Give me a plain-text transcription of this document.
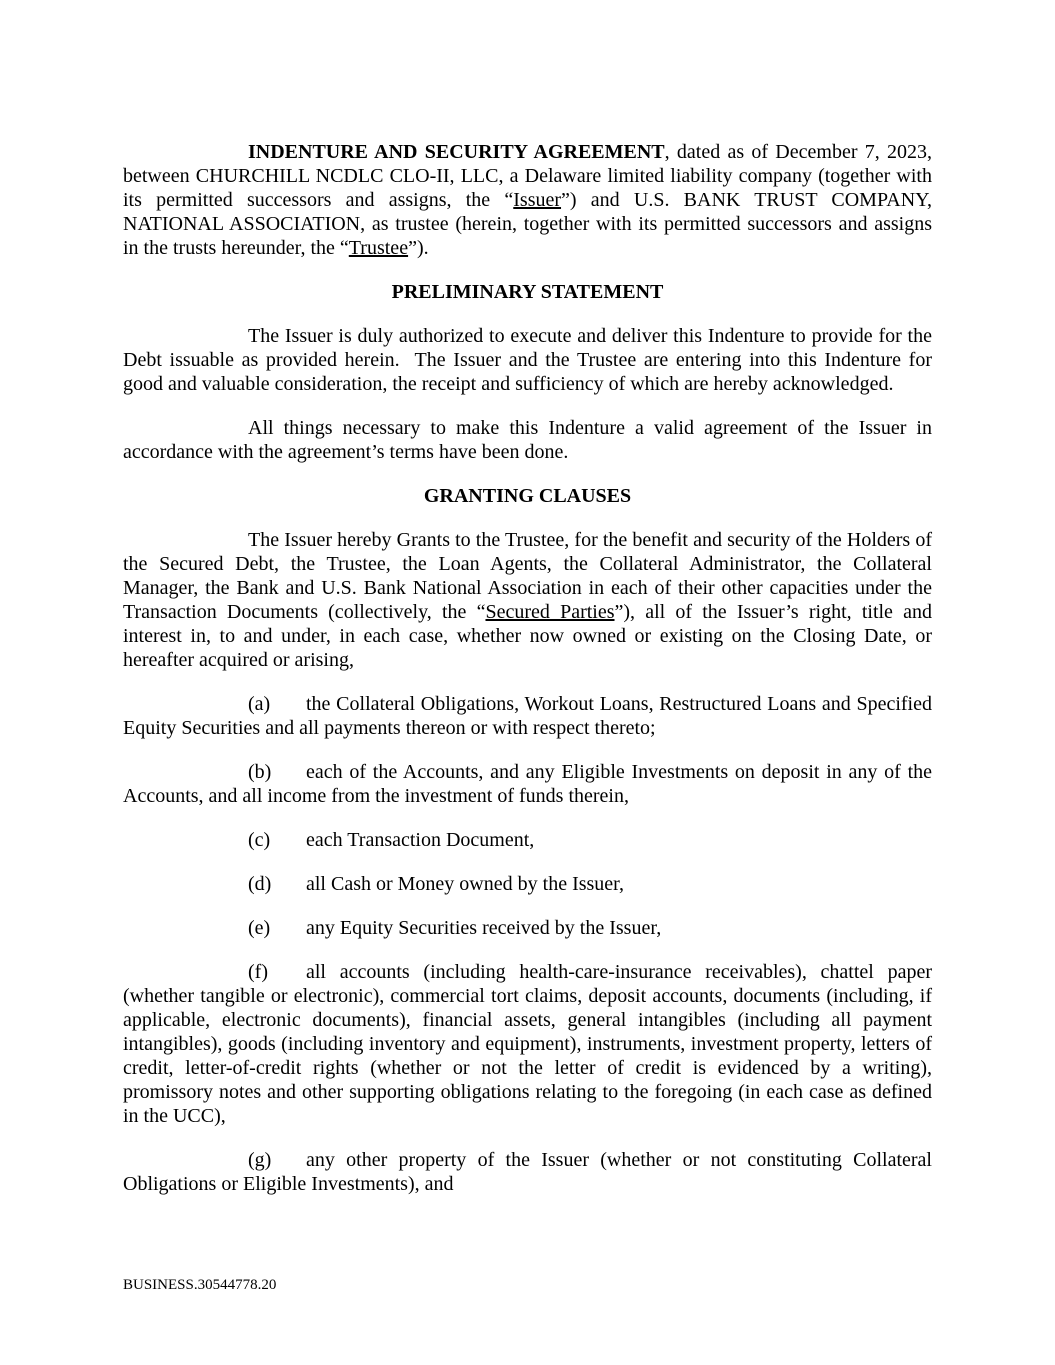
INDENTURE AND SECURITY AGREEMENT, dated as of December 7, 2023, between CHURCHILL NCDLC CLO-II, LLC, a Delaware limited liability company (together with its permitted successors and assigns, the “Issuer”) and U.S. BANK TRUST COMPANY, NATIONAL ASSOCIATION, as trustee (herein, together with its permitted successors and assigns in the trusts hereunder, the “Trustee”).

PRELIMINARY STATEMENT

The Issuer is duly authorized to execute and deliver this Indenture to provide for the Debt issuable as provided herein.  The Issuer and the Trustee are entering into this Indenture for good and valuable consideration, the receipt and sufficiency of which are hereby acknowledged.

All things necessary to make this Indenture a valid agreement of the Issuer in accordance with the agreement’s terms have been done.

GRANTING CLAUSES

The Issuer hereby Grants to the Trustee, for the benefit and security of the Holders of the Secured Debt, the Trustee, the Loan Agents, the Collateral Administrator, the Collateral Manager, the Bank and U.S. Bank National Association in each of their other capacities under the Transaction Documents (collectively, the “Secured Parties”), all of the Issuer’s right, title and interest in, to and under, in each case, whether now owned or existing on the Closing Date, or hereafter acquired or arising,

(a) the Collateral Obligations, Workout Loans, Restructured Loans and Specified Equity Securities and all payments thereon or with respect thereto;

(b) each of the Accounts, and any Eligible Investments on deposit in any of the Accounts, and all income from the investment of funds therein,

(c) each Transaction Document,

(d) all Cash or Money owned by the Issuer,

(e) any Equity Securities received by the Issuer,

(f) all accounts (including health-care-insurance receivables), chattel paper (whether tangible or electronic), commercial tort claims, deposit accounts, documents (including, if applicable, electronic documents), financial assets, general intangibles (including all payment intangibles), goods (including inventory and equipment), instruments, investment property, letters of credit, letter-of-credit rights (whether or not the letter of credit is evidenced by a writing), promissory notes and other supporting obligations relating to the foregoing (in each case as defined in the UCC),

(g) any other property of the Issuer (whether or not constituting Collateral Obligations or Eligible Investments), and

BUSINESS.30544778.20
